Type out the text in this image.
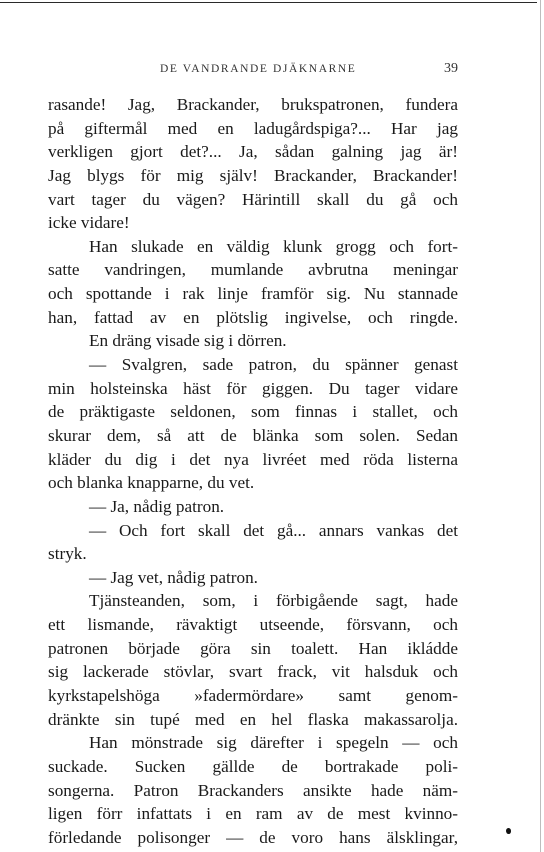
DE VANDRANDE DJÄKNARNE	39
rasande! Jag, Brackander, brukspatronen, fundera
på giftermål med en ladugårdspiga?... Har jag
verkligen gjort det?... Ja, sådan galning jag är!
Jag blygs för mig själv! Brackander, Brackander!
vart tager du vägen? Härintill skall du gå och
icke vidare!
Han slukade en väldig klunk grogg och fort-
satte vandringen, mumlande avbrutna meningar
och spottande i rak linje framför sig. Nu stannade
han, fattad av en plötslig ingivelse, och ringde.
En dräng visade sig i dörren.
— Svalgren, sade patron, du spänner genast
min holsteinska häst för giggen. Du tager vidare
de präktigaste seldonen, som finnas i stallet, och
skurar dem, så att de blänka som solen. Sedan
kläder du dig i det nya livréet med röda listerna
och blanka knapparne, du vet.
— Ja, nådig patron.
— Och fort skall det gå... annars vankas det
stryk.
— Jag vet, nådig patron.
Tjänsteanden, som, i förbigående sagt, hade
ett lismande, rävaktigt utseende, försvann, och
patronen började göra sin toalett. Han ikládde
sig lackerade stövlar, svart frack, vit halsduk och
kyrkstapelshöga »fadermördare» samt genom-
dränkte sin tupé med en hel flaska makassarolja.
Han mönstrade sig därefter i spegeln — och
suckade. Sucken gällde de bortrakade poli-
songerna. Patron Brackanders ansikte hade näm-
ligen förr infattats i en ram av de mest kvinno-
förledande polisonger — de voro hans älsklingar,
